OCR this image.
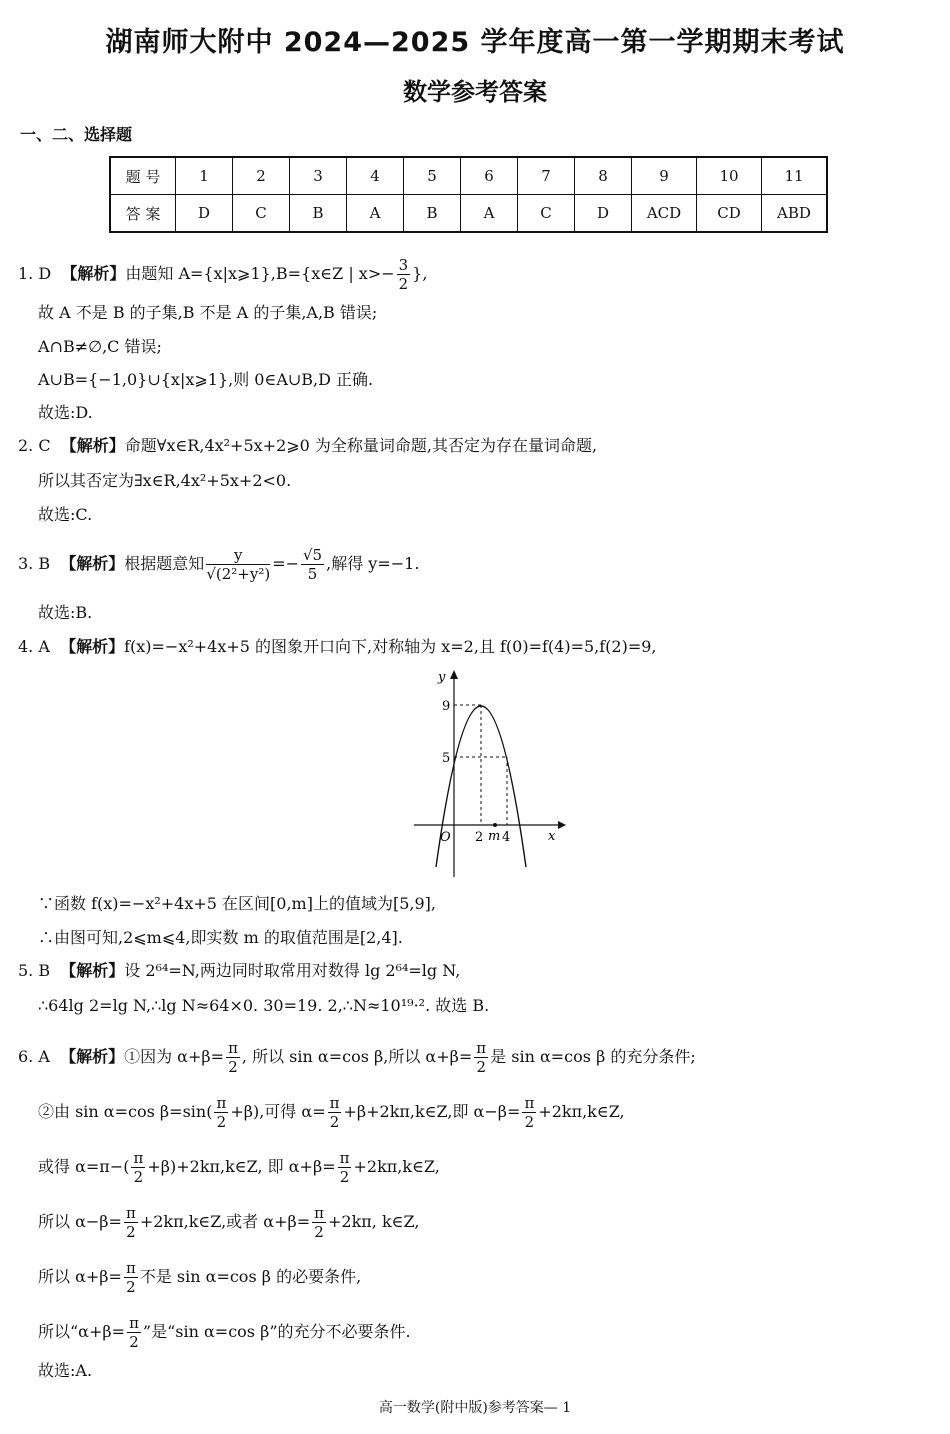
湖南师大附中 2024—2025 学年度高一第一学期期末考试
数学参考答案
一、二、选择题
题 号	1	2	3	4	5	6	7	8	9	10	11
答 案	D	C	B	A	B	A	C	D	ACD	CD	ABD
1. D 【解析】由题知 A={x|x⩾1},B={x∈Z | $x>- \frac{3}{2}$ },
故 A 不是 B 的子集,B 不是 A 的子集,A,B 错误;
A∩B≠∅,C 错误;
A∪B={−1,0}∪{x|x⩾1},则 0∈A∪B,D 正确.
故选:D.
2. C 【解析】命题∀x∈R,4x²+5x+2⩾0 为全称量词命题,其否定为存在量词命题,
所以其否定为∃x∈R,4x²+5x+2<0.
故选:C.
3. B 【解析】根据题意知 $\frac{y}{\text{√(2²+y²)}} =- \frac{√5}{5}$ ,解得 y=−1.
故选:B.
4. A 【解析】f(x)=−x²+4x+5 的图象开口向下,对称轴为 x=2,且 f(0)=f(4)=5,f(2)=9,
y
x
O
9
5
2 m 4
∵函数 f(x)=−x²+4x+5 在区间[0,m]上的值域为[5,9],
∴由图可知,2⩽m⩽4,即实数 m 的取值范围是[2,4].
5. B 【解析】设 2⁶⁴=N,两边同时取常用对数得 lg 2⁶⁴=lg N,
∴64lg 2=lg N,∴lg N≈64×0. 30=19. 2,∴N≈10¹⁹·². 故选 B.
6. A 【解析】①因为 $\alpha+\beta= \frac{\pi}{2}$ , 所以 sin α=cos β,所以 $\alpha+\beta= \frac{\pi}{2}$ 是 sin α=cos β 的充分条件;
②由 sin α=cos $\beta=\sin( \frac{\pi}{2} +\beta)$,可得 $\alpha= \frac{\pi}{2}$ +β+2kπ,k∈Z,即 $\alpha-\beta= \frac{\pi}{2}$ +2kπ,k∈Z,
或得 $\alpha=\pi-( \frac{\pi}{2}$ +β)+2kπ,k∈Z, 即 $\alpha+\beta= \frac{\pi}{2}$ +2kπ,k∈Z,
所以 $\alpha-\beta= \frac{\pi}{2}$ +2kπ,k∈Z,或者 $\alpha+\beta= \frac{\pi}{2} +2k\pi$, k∈Z,
所以 $\alpha+\beta= \frac{\pi}{2}$ 不是 sin α=cos β 的必要条件,
所以“$\alpha+\beta= \frac{\pi}{2}$ ”是“sin α=cos β”的充分不必要条件.
故选:A.
高一数学(附中版)参考答案— 1
